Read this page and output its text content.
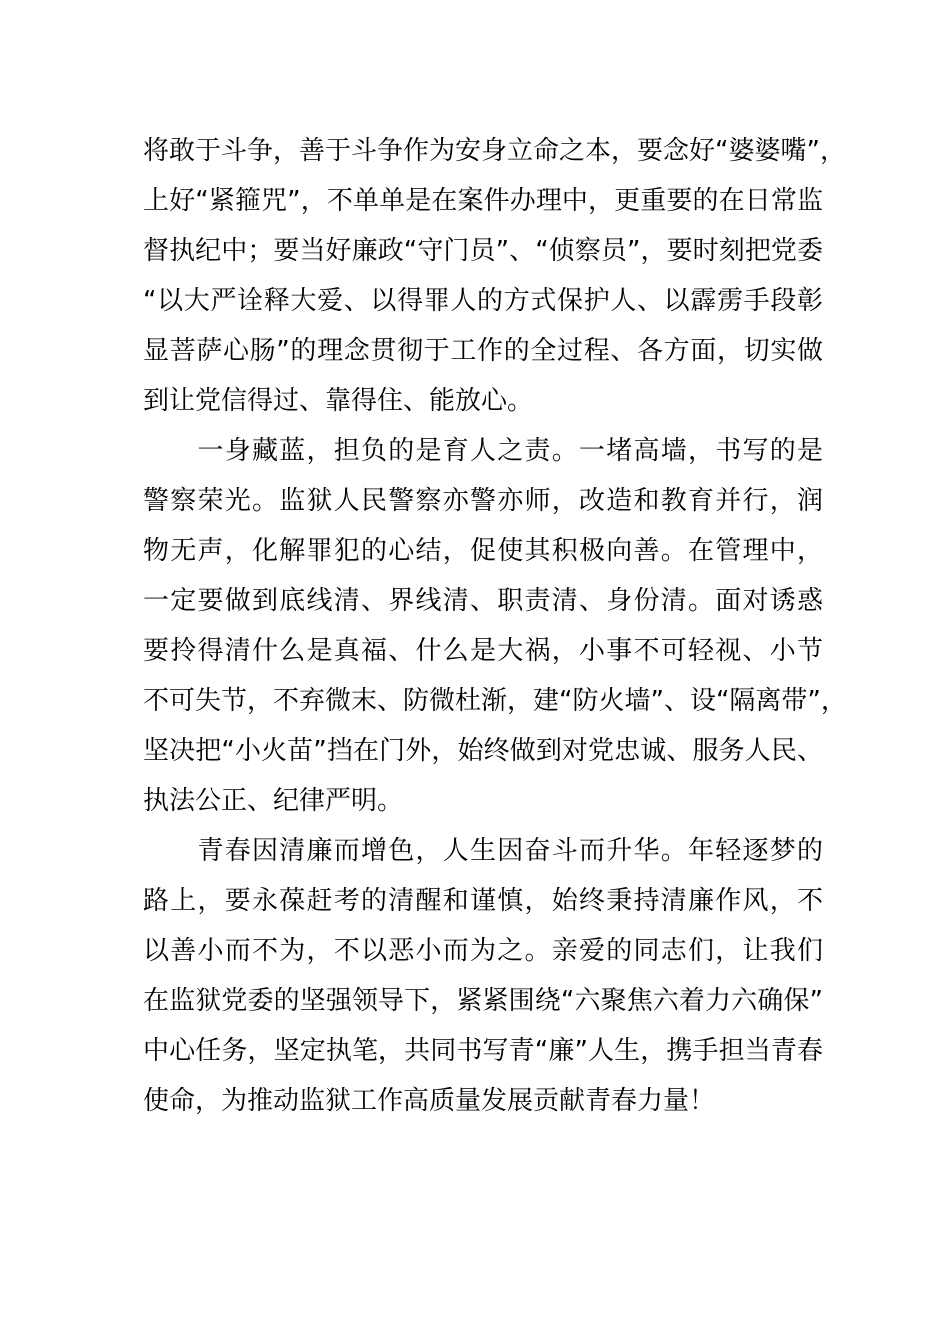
将敢于斗争，善于斗争作为安身立命之本，要念好“婆婆嘴”，
上好“紧箍咒”，不单单是在案件办理中，更重要的在日常监
督执纪中；要当好廉政“守门员”、“侦察员”，要时刻把党委
“以大严诠释大爱、以得罪人的方式保护人、以霹雳手段彰
显菩萨心肠”的理念贯彻于工作的全过程、各方面，切实做
到让党信得过、靠得住、能放心。
　　一身藏蓝，担负的是育人之责。一堵高墙，书写的是
警察荣光。监狱人民警察亦警亦师，改造和教育并行，润
物无声，化解罪犯的心结，促使其积极向善。在管理中，
一定要做到底线清、界线清、职责清、身份清。面对诱惑
要拎得清什么是真福、什么是大祸，小事不可轻视、小节
不可失节，不弃微末、防微杜渐，建“防火墙”、设“隔离带”，
坚决把“小火苗”挡在门外，始终做到对党忠诚、服务人民、
执法公正、纪律严明。
　　青春因清廉而增色，人生因奋斗而升华。年轻逐梦的
路上，要永葆赶考的清醒和谨慎，始终秉持清廉作风，不
以善小而不为，不以恶小而为之。亲爱的同志们，让我们
在监狱党委的坚强领导下，紧紧围绕“六聚焦六着力六确保”
中心任务，坚定执笔，共同书写青“廉”人生，携手担当青春
使命，为推动监狱工作高质量发展贡献青春力量！
